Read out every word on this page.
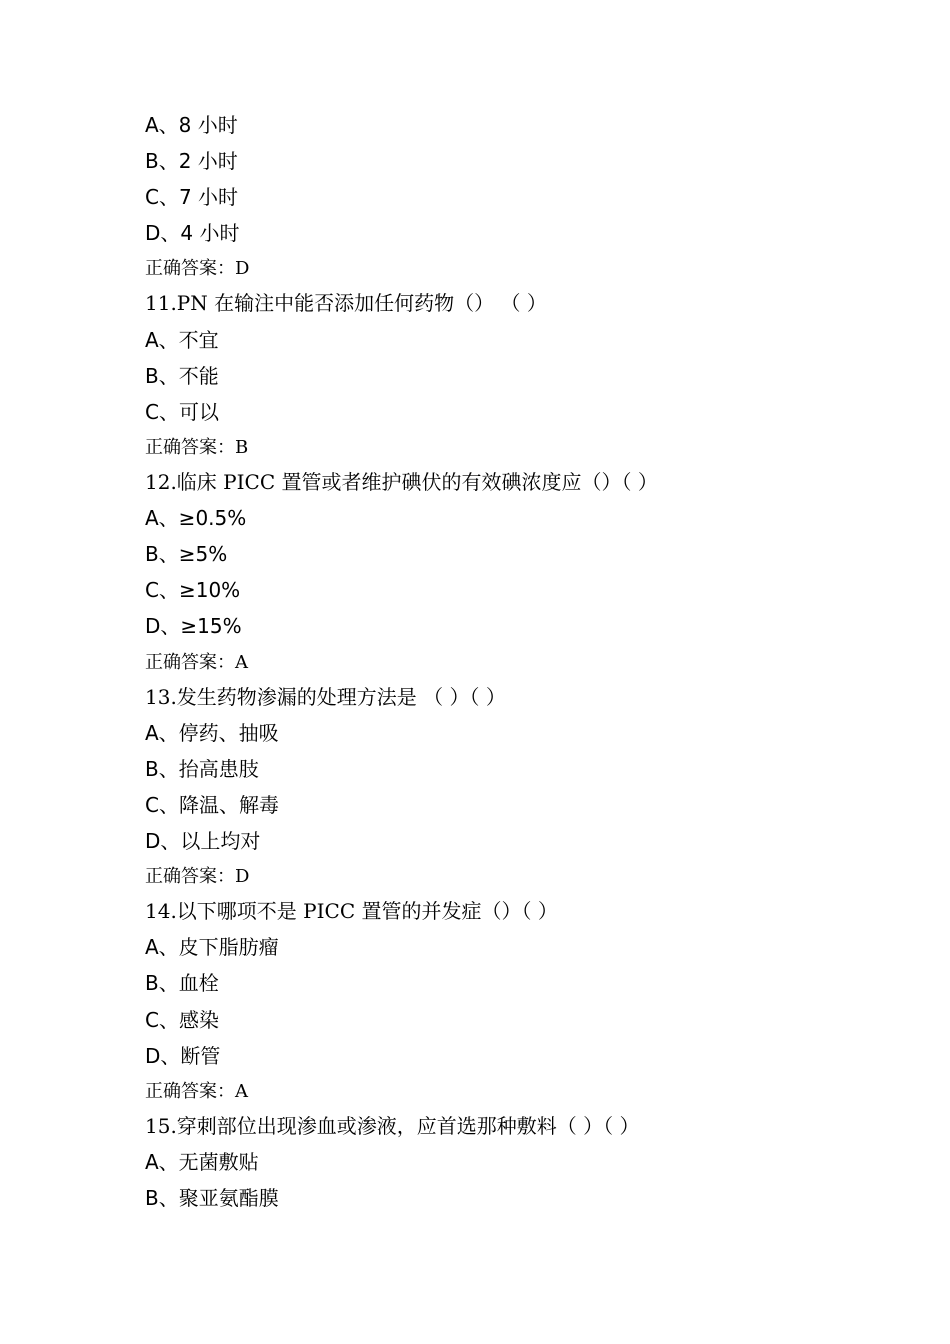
A、8 小时
B、2 小时
C、7 小时
D、4 小时
正确答案：D
11.PN 在输注中能否添加任何药物（） （ ）
A、不宜
B、不能
C、可以
正确答案：B
12.临床 PICC 置管或者维护碘伏的有效碘浓度应（）（ ）
A、≥0.5%
B、≥5%
C、≥10%
D、≥15%
正确答案：A
13.发生药物渗漏的处理方法是 （ ）（ ）
A、停药、抽吸
B、抬高患肢
C、降温、解毒
D、以上均对
正确答案：D
14.以下哪项不是 PICC 置管的并发症（）（ ）
A、皮下脂肪瘤
B、血栓
C、感染
D、断管
正确答案：A
15.穿刺部位出现渗血或渗液，应首选那种敷料（ ）（ ）
A、无菌敷贴
B、聚亚氨酯膜
